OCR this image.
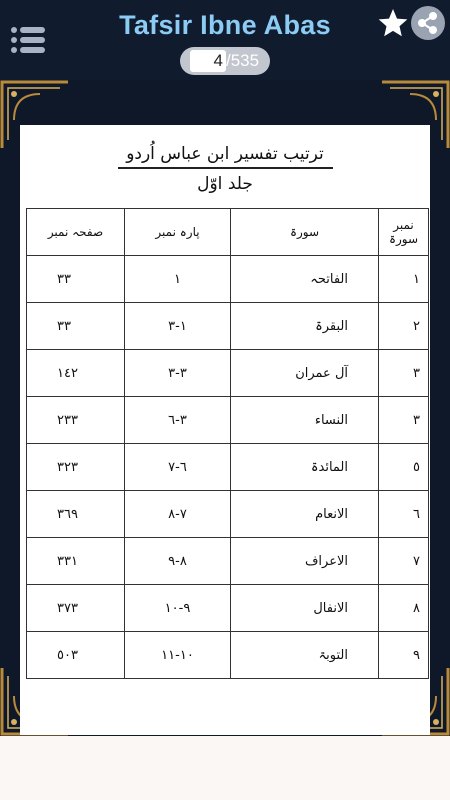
Tafsir Ibne Abas
4
/535
ترتیب تفسیر ابن عباس اُردو جلد اوّل
صفحہ نمبر	پارہ نمبر	سورۃ	نمبر سورۃ
٣٣	١	الفاتحہ	١
٣٣	١-٣	البقرۃ	٢
١٤٢	٣-٣	آل عمران	٣
٢٣٣	٣-٦	النساء	٣
٣٢٣	٦-٧	المائدۃ	٥
٣٦٩	٧-٨	الانعام	٦
٣٣١	٨-٩	الاعراف	٧
٣٧٣	٩-١٠	الانفال	٨
٥٠٣	١٠-١١	التوبۃ	٩
